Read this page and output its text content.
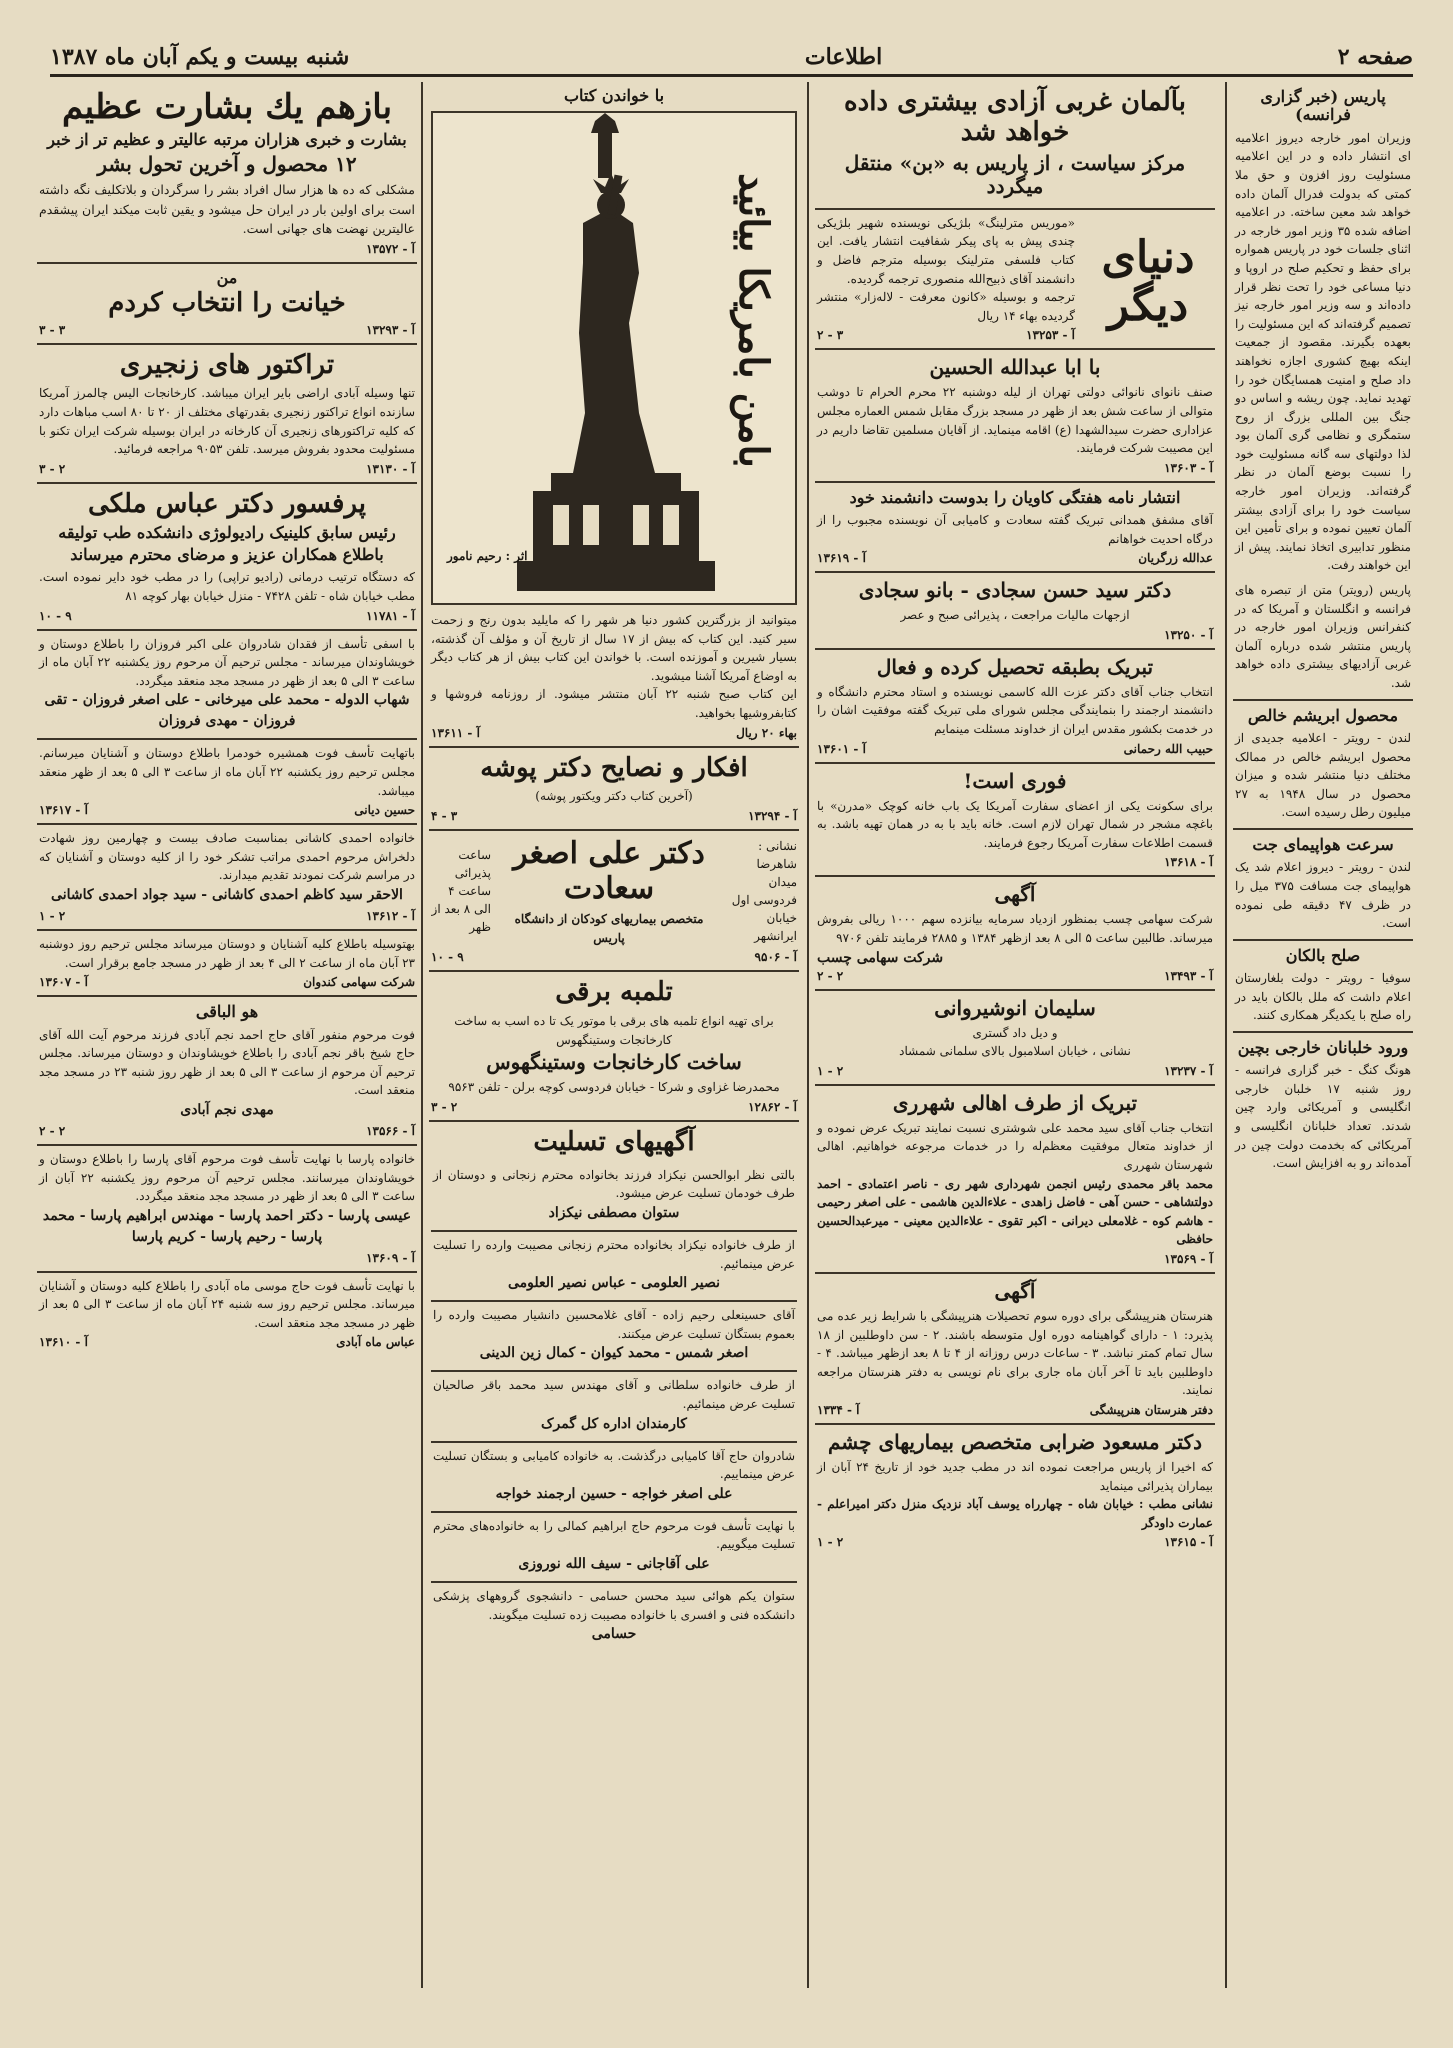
صفحه ۲
اطلاعات
شنبه بیست و یکم آبان ماه ۱۳۸۷
پاریس (خبر گزاری فرانسه)
وزیران امور خارجه دیروز اعلامیه ای انتشار داده و در این اعلامیه مسئولیت روز افزون و حق ملا کمتی که بدولت فدرال آلمان داده خواهد شد معین ساخته. در اعلامیه اضافه شده ۳۵ وزیر امور خارجه در اثنای جلسات خود در پاریس همواره برای حفظ و تحکیم صلح در اروپا و دنیا مساعی خود را تحت نظر قرار داده‌اند و سه وزیر امور خارجه نیز تصمیم گرفته‌اند که این مسئولیت را بعهده بگیرند. مقصود از جمعیت اینکه بهیچ کشوری اجازه نخواهند داد صلح و امنیت همسایگان خود را تهدید نماید. چون ریشه و اساس دو جنگ بین المللی بزرگ از روح ستمگری و نظامی گری آلمان بود لذا دولتهای سه گانه مسئولیت خود را نسبت بوضع آلمان در نظر گرفته‌اند. وزیران امور خارجه سیاست خود را برای آزادی بیشتر آلمان تعیین نموده و برای تأمین این منظور تدابیری اتخاذ نمایند. پیش از این خواهند رفت.
پاریس (رویتر) متن از تبصره های فرانسه و انگلستان و آمریکا که در کنفرانس وزیران امور خارجه در پاریس منتشر شده درباره آلمان غربی آزادیهای بیشتری داده خواهد شد.
محصول ابریشم خالص
لندن - رویتر - اعلامیه جدیدی از محصول ابریشم خالص در ممالک مختلف دنیا منتشر شده و میزان محصول در سال ۱۹۴۸ به ۲۷ میلیون رطل رسیده است.
سرعت هواپیمای جت
لندن - رویتر - دیروز اعلام شد یک هواپیمای جت مسافت ۳۷۵ میل را در ظرف ۴۷ دقیقه طی نموده است.
صلح بالکان
سوفیا - رویتر - دولت بلغارستان اعلام داشت که ملل بالکان باید در راه صلح با یکدیگر همکاری کنند.
ورود خلبانان خارجی بچین
هونگ کنگ - خبر گزاری فرانسه - روز شنبه ۱۷ خلبان خارجی انگلیسی و آمریکائی وارد چین شدند. تعداد خلبانان انگلیسی و آمریکائی که بخدمت دولت چین در آمده‌اند رو به افزایش است.
بآلمان غربی آزادی بیشتری داده خواهد شد
مرکز سیاست ، از پاریس به «بن» منتقل میگردد
دنیای دیگر
«موریس مترلینگ» بلژیکی نویسنده شهیر بلژیکی چندی پیش به پای پیکر شفافیت انتشار یافت. این کتاب فلسفی مترلینک بوسیله مترجم فاضل و دانشمند آقای ذبیح‌الله منصوری ترجمه گردیده.
ترجمه و بوسیله «کانون معرفت - لاله‌زار» منتشر گردیده بهاء ۱۴ ریال
آ - ۱۳۲۵۳
۳ - ۲
با ابا عبدالله الحسین
صنف نانوای نانوائی دولتی تهران از لیله دوشنبه ۲۲ محرم الحرام تا دوشب متوالی از ساعت شش بعد از ظهر در مسجد بزرگ مقابل شمس العماره مجلس عزاداری حضرت سیدالشهدا (ع) اقامه مینماید. از آقایان مسلمین تقاضا داریم در این مصیبت شرکت فرمایند.
آ - ۱۳۶۰۳
انتشار نامه هفتگی کاویان را بدوست دانشمند خود
آقای مشفق همدانی تبریک گفته سعادت و کامیابی آن نویسنده مجبوب را از درگاه احدیت خواهانم
عدالله زرگریان
آ - ۱۳۶۱۹
دکتر سید حسن سجادی - بانو سجادی
ازجهات مالیات مراجعت ، پذیرائی صبح و عصر
آ - ۱۳۲۵۰
تبریک بطبقه تحصیل کرده و فعال
انتخاب جناب آقای دکتر عزت الله کاسمی نویسنده و استاد محترم دانشگاه و دانشمند ارجمند را بنمایندگی مجلس شورای ملی تبریک گفته موفقیت اشان را در خدمت بکشور مقدس ایران از خداوند مسئلت مینمایم
حبیب الله رحمانی
آ - ۱۳۶۰۱
فوری است!
برای سکونت یکی از اعضای سفارت آمریکا یک باب خانه کوچک «مدرن» با باغچه مشجر در شمال تهران لازم است. خانه باید با به در همان تهیه باشد. به قسمت اطلاعات سفارت آمریکا رجوع فرمایند.
آ - ۱۳۶۱۸
آگهی
شرکت سهامی چسب بمنظور ازدیاد سرمایه بیانزده سهم ۱۰۰۰ ریالی بفروش میرساند. طالبین ساعت ۵ الی ۸ بعد ازظهر ۱۳۸۴ و ۲۸۸۵ فرمایند تلفن ۹۷۰۶
شرکت سهامی چسب
آ - ۱۳۴۹۳
۲ - ۲
سلیمان انوشیروانی
و دیل داد گستری
نشانی ، خیابان اسلامبول بالای سلمانی شمشاد
آ - ۱۳۲۳۷
۲ - ۱
تبریک از طرف اهالی شهرری
انتخاب جناب آقای سید محمد علی شوشتری نسبت نمایند تبریک عرض نموده و از خداوند متعال موفقیت معظم‌له را در خدمات مرجوعه خواهانیم. اهالی شهرستان شهرری
محمد باقر محمدی رئیس انجمن شهرداری شهر ری - ناصر اعتمادی - احمد دولتشاهی - حسن آهی - فاضل زاهدی - علاءالدین هاشمی - علی اصغر رحیمی - هاشم کوه - غلامعلی دیرانی - اکبر تقوی - علاءالدین معینی - میرعبدالحسین حافظی
آ - ۱۳۵۶۹
آگهی
هنرستان هنرپیشگی برای دوره سوم تحصیلات هنرپیشگی با شرایط زیر عده می پذیرد: ۱ - دارای گواهینامه دوره اول متوسطه باشند. ۲ - سن داوطلبین از ۱۸ سال تمام کمتر نباشد. ۳ - ساعات درس روزانه از ۴ تا ۸ بعد ازظهر میباشد. ۴ - داوطلبین باید تا آخر آبان ماه جاری برای نام نویسی به دفتر هنرستان مراجعه نمایند.
دفتر هنرستان هنرپیشگی
آ - ۱۳۳۴
دکتر مسعود ضرابی متخصص بیماریهای چشم
که اخیرا از پاریس مراجعت نموده اند در مطب جدید خود از تاریخ ۲۴ آبان از بیماران پذیرائی مینماید
نشانی مطب : خیابان شاه - چهارراه یوسف آباد نزدیک منزل دکتر امیراعلم - عمارت داودگر
آ - ۱۳۶۱۵
۲ - ۱
با خواندن کتاب
بامن بامریکا بیائید
اثر : رحیم نامور
میتوانید از بزرگترین کشور دنیا هر شهر را که مایلید بدون رنج و زحمت سیر کنید. این کتاب که بیش از ۱۷ سال از تاریخ آن و مؤلف آن گذشته، بسیار شیرین و آموزنده است. با خواندن این کتاب بیش از هر کتاب دیگر به اوضاع آمریکا آشنا میشوید.
این کتاب صبح شنبه ۲۲ آبان منتشر میشود. از روزنامه فروشها و کتابفروشیها بخواهید.
بهاء ۲۰ ریال
آ - ۱۳۶۱۱
افکار و نصایح دکتر پوشه
(آخرین کتاب دکتر ویکتور پوشه)
آ - ۱۳۲۹۴
۳ - ۴
نشانی : شاهرضا میدان فردوسی اول خیابان ایرانشهر
دکتر علی اصغر سعادت
متخصص بیماریهای کودکان از دانشگاه پاریس
ساعت پذیرائی ساعت ۴ الی ۸ بعد از ظهر
آ - ۹۵۰۶
۹ - ۱۰
تلمبه برقی
برای تهیه انواع تلمبه های برقی با موتور یک تا ده اسب به ساخت کارخانجات وستینگهوس
ساخت کارخانجات وستینگهوس
محمدرضا غزاوی و شرکا - خیابان فردوسی کوچه برلن - تلفن ۹۵۶۳
آ - ۱۲۸۶۲
۲ - ۳
آگهیهای تسلیت
بالتی نظر ابوالحسن نیکزاد فرزند بخانواده محترم زنجانی و دوستان از طرف خودمان تسلیت عرض میشود.
ستوان مصطفی نیکزاد
از طرف خانواده نیکزاد بخانواده محترم زنجانی مصیبت وارده را تسلیت عرض مینمائیم.
نصیر العلومی - عباس نصیر العلومی
آقای حسینعلی رحیم زاده - آقای غلامحسین دانشیار مصیبت وارده را بعموم بستگان تسلیت عرض میکنند.
اصغر شمس - محمد کیوان - کمال زین الدینی
از طرف خانواده سلطانی و آقای مهندس سید محمد باقر صالحیان تسلیت عرض مینمائیم.
کارمندان اداره کل گمرک
شادروان حاج آقا کامیابی درگذشت. به خانواده کامیابی و بستگان تسلیت عرض مینماییم.
علی اصغر خواجه - حسین ارجمند خواجه
با نهایت تأسف فوت مرحوم حاج ابراهیم کمالی را به خانواده‌های محترم تسلیت میگوییم.
علی آقاجانی - سیف الله نوروزی
ستوان یکم هوائی سید محسن حسامی - دانشجوی گروههای پزشکی دانشکده فنی و افسری با خانواده مصیبت زده تسلیت میگویند.
حسامی
بازهم یك بشارت عظیم
بشارت و خبری هزاران مرتبه عالیتر و عظیم تر از خبر
۱۲ محصول و آخرین تحول بشر
مشکلی که ده ها هزار سال افراد بشر را سرگردان و بلاتکلیف نگه داشته است برای اولین بار در ایران حل میشود و یقین ثابت میکند ایران پیشقدم عالیترین نهضت های جهانی است.
آ - ۱۳۵۷۲
من
خیانت را انتخاب کردم
آ - ۱۳۲۹۳
۳ - ۳
تراکتور های زنجیری
تنها وسیله آبادی اراضی بایر ایران میباشد. کارخانجات الیس چالمرز آمریکا سازنده انواع تراکتور زنجیری بقدرتهای مختلف از ۲۰ تا ۸۰ اسب مباهات دارد که کلیه تراکتورهای زنجیری آن کارخانه در ایران بوسیله شرکت ایران تکنو با مسئولیت محدود بفروش میرسد. تلفن ۹۰۵۳ مراجعه فرمائید.
آ - ۱۳۱۳۰
۲ - ۳
پرفسور دکتر عباس ملکی
رئیس سابق کلینیک رادیولوژی دانشکده طب تولیقه
باطلاع همکاران عزیز و مرضای محترم میرساند
که دستگاه ترتیب درمانی (رادیو تراپی) را در مطب خود دایر نموده است. مطب خیابان شاه - تلفن ۷۴۲۸ - منزل خیابان بهار کوچه ۸۱
آ - ۱۱۷۸۱
۹ - ۱۰
با اسفی تأسف از فقدان شادروان علی اکبر فروزان را باطلاع دوستان و خویشاوندان میرساند - مجلس ترحیم آن مرحوم روز یکشنبه ۲۲ آبان ماه از ساعت ۳ الی ۵ بعد از ظهر در مسجد مجد منعقد میگردد.
شهاب الدوله - محمد علی میرخانی - علی اصغر فروزان - تقی فروزان - مهدی فروزان
باتهایت تأسف فوت همشیره خودمرا باطلاع دوستان و آشنایان میرسانم. مجلس ترحیم روز یکشنبه ۲۲ آبان ماه از ساعت ۳ الی ۵ بعد از ظهر منعقد میباشد.
حسین دیانی
آ - ۱۳۶۱۷
خانواده احمدی کاشانی بمناسبت صادف بیست و چهارمین روز شهادت دلخراش مرحوم احمدی مراتب تشکر خود را از کلیه دوستان و آشنایان که در مراسم شرکت نمودند تقدیم میدارند.
الاحقر سید کاظم احمدی کاشانی - سید جواد احمدی کاشانی
آ - ۱۳۶۱۲
۲ - ۱
بهتوسیله باطلاع کلیه آشنایان و دوستان میرساند مجلس ترحیم روز دوشنبه ۲۳ آبان ماه از ساعت ۲ الی ۴ بعد از ظهر در مسجد جامع برقرار است.
شرکت سهامی کندوان
آ - ۱۳۶۰۷
هو الباقی
فوت مرحوم منفور آقای حاج احمد نجم آبادی فرزند مرحوم آیت الله آقای حاج شیخ باقر نجم آبادی را باطلاع خویشاوندان و دوستان میرساند. مجلس ترحیم آن مرحوم از ساعت ۳ الی ۵ بعد از ظهر روز شنبه ۲۳ در مسجد مجد منعقد است.
مهدی نجم آبادی
آ - ۱۳۵۶۶
۲ - ۲
خانواده پارسا با نهایت تأسف فوت مرحوم آقای پارسا را باطلاع دوستان و خویشاوندان میرسانند. مجلس ترحیم آن مرحوم روز یکشنبه ۲۲ آبان از ساعت ۳ الی ۵ بعد از ظهر در مسجد مجد منعقد میگردد.
عیسی پارسا - دکتر احمد پارسا - مهندس ابراهیم پارسا - محمد پارسا - رحیم پارسا - کریم پارسا
آ - ۱۳۶۰۹
با نهایت تأسف فوت حاج موسی ماه آبادی را باطلاع کلیه دوستان و آشنایان میرساند. مجلس ترحیم روز سه شنبه ۲۴ آبان ماه از ساعت ۳ الی ۵ بعد از ظهر در مسجد مجد منعقد است.
عباس ماه آبادی
آ - ۱۳۶۱۰
